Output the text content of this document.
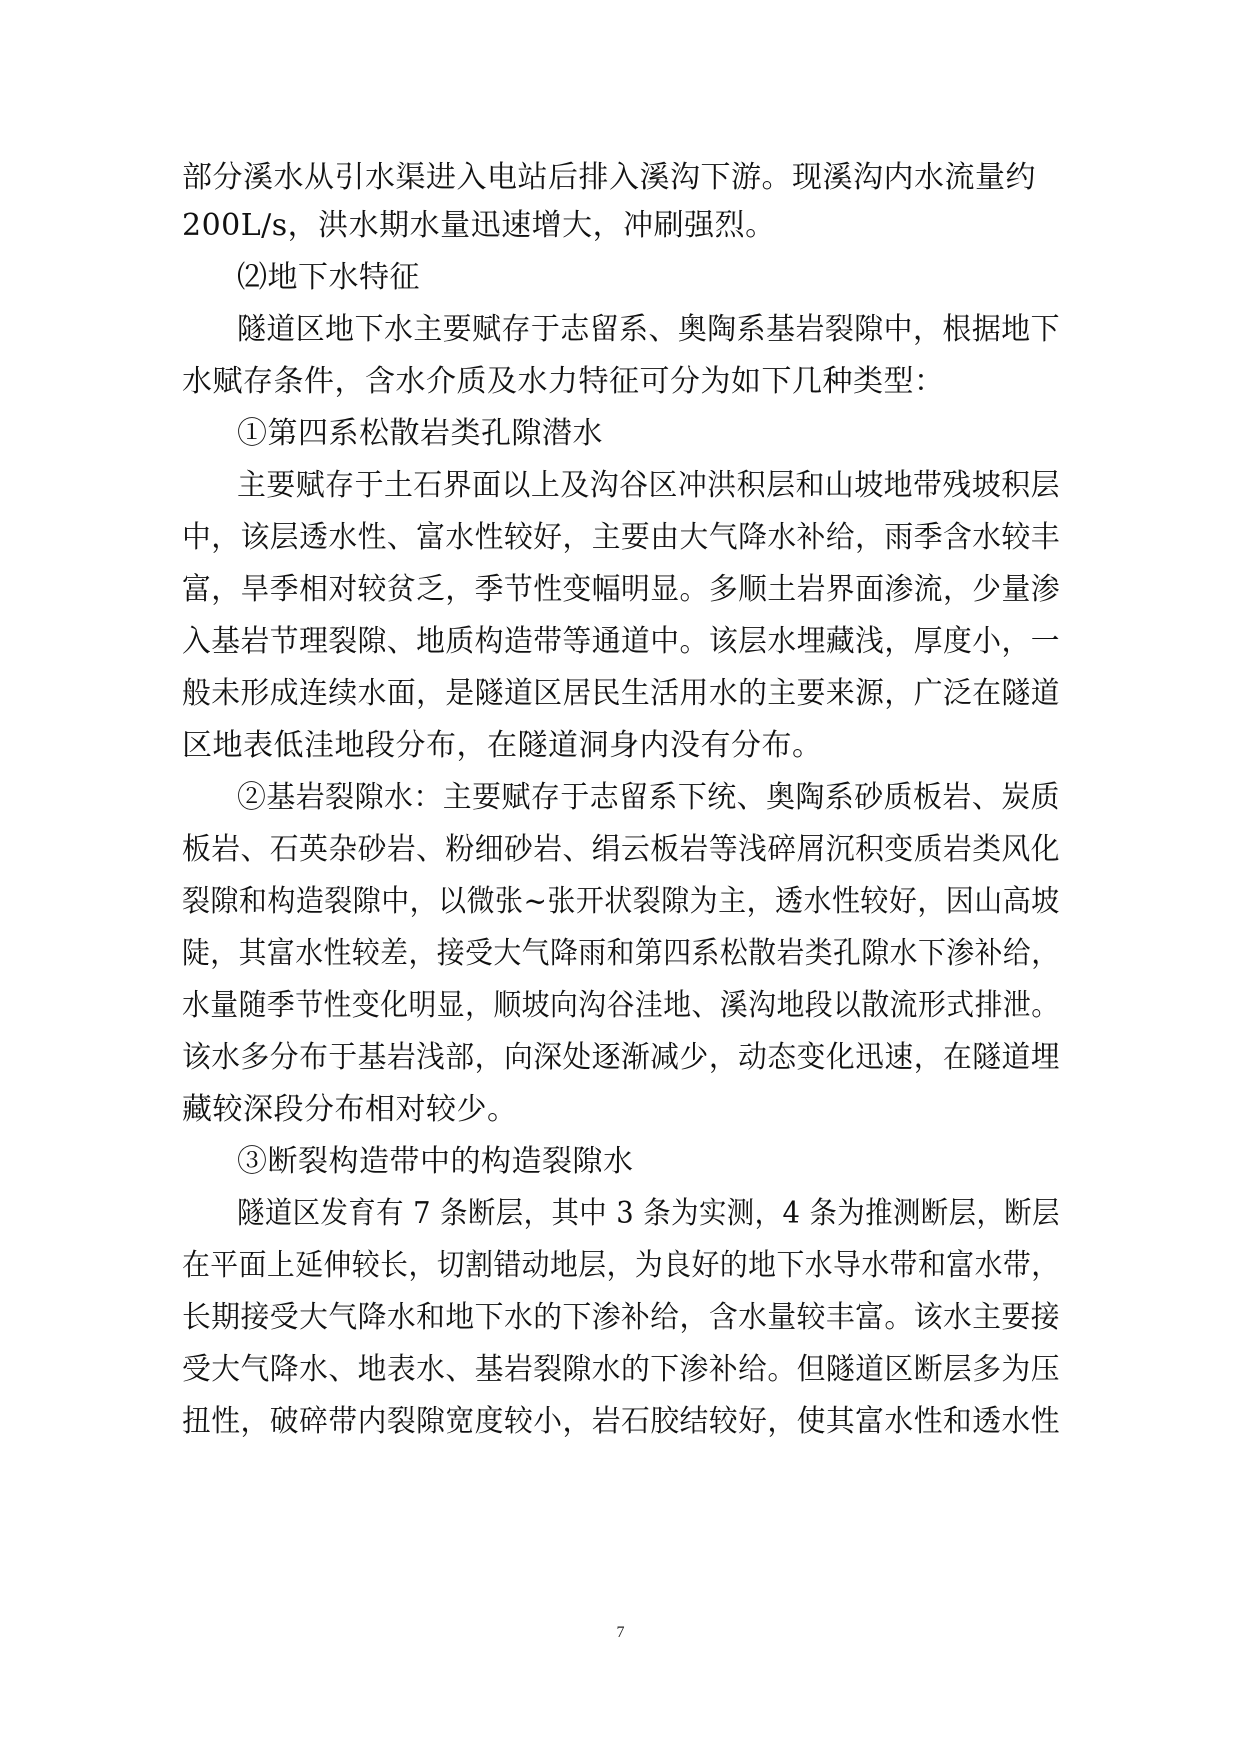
部分溪水从引水渠进入电站后排入溪沟下游。现溪沟内水流量约
200L/s，洪水期水量迅速增大，冲刷强烈。
⑵地下水特征
隧道区地下水主要赋存于志留系、奥陶系基岩裂隙中，根据地下
水赋存条件，含水介质及水力特征可分为如下几种类型：
①第四系松散岩类孔隙潜水
主要赋存于土石界面以上及沟谷区冲洪积层和山坡地带残坡积层
中，该层透水性、富水性较好，主要由大气降水补给，雨季含水较丰
富，旱季相对较贫乏，季节性变幅明显。多顺土岩界面渗流，少量渗
入基岩节理裂隙、地质构造带等通道中。该层水埋藏浅，厚度小，一
般未形成连续水面，是隧道区居民生活用水的主要来源，广泛在隧道
区地表低洼地段分布，在隧道洞身内没有分布。
②基岩裂隙水：主要赋存于志留系下统、奥陶系砂质板岩、炭质
板岩、石英杂砂岩、粉细砂岩、绢云板岩等浅碎屑沉积变质岩类风化
裂隙和构造裂隙中，以微张~张开状裂隙为主，透水性较好，因山高坡
陡，其富水性较差，接受大气降雨和第四系松散岩类孔隙水下渗补给，
水量随季节性变化明显，顺坡向沟谷洼地、溪沟地段以散流形式排泄。
该水多分布于基岩浅部，向深处逐渐减少，动态变化迅速，在隧道埋
藏较深段分布相对较少。
③断裂构造带中的构造裂隙水
隧道区发育有 7 条断层，其中 3 条为实测，4 条为推测断层，断层
在平面上延伸较长，切割错动地层，为良好的地下水导水带和富水带，
长期接受大气降水和地下水的下渗补给，含水量较丰富。该水主要接
受大气降水、地表水、基岩裂隙水的下渗补给。但隧道区断层多为压
扭性，破碎带内裂隙宽度较小，岩石胶结较好，使其富水性和透水性
7
